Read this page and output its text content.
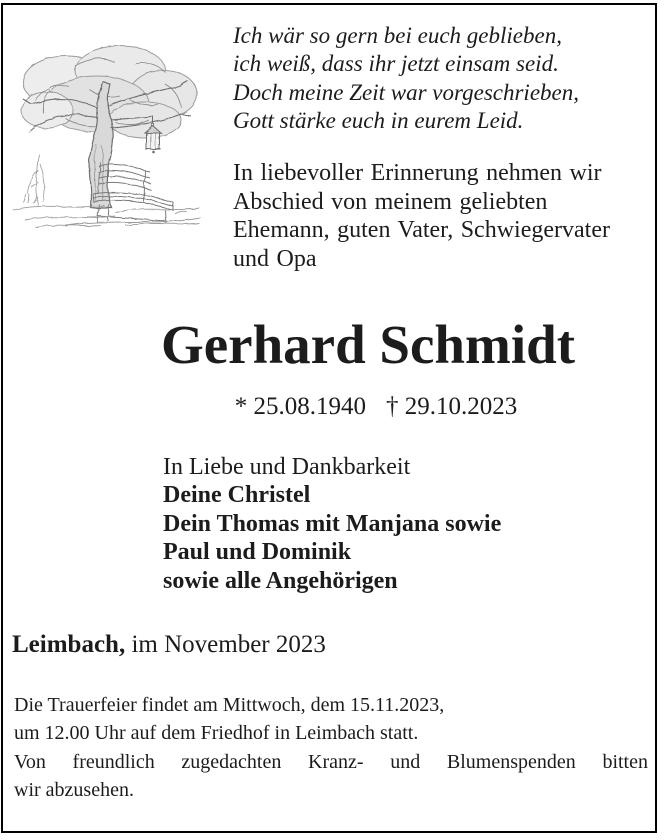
Ich wär so gern bei euch geblieben,
ich weiß, dass ihr jetzt einsam seid.
Doch meine Zeit war vorgeschrieben,
Gott stärke euch in eurem Leid.
In liebevoller Erinnerung nehmen wir
Abschied von meinem geliebten
Ehemann, guten Vater, Schwiegervater
und Opa
Gerhard Schmidt
* 25.08.1940 † 29.10.2023
In Liebe und Dankbarkeit
Deine Christel
Dein Thomas mit Manjana sowie
Paul und Dominik
sowie alle Angehörigen
Leimbach, im November 2023
Die Trauerfeier findet am Mittwoch, dem 15.11.2023,
um 12.00 Uhr auf dem Friedhof in Leimbach statt.
Von freundlich zugedachten Kranz- und Blumenspenden bitten
wir abzusehen.
